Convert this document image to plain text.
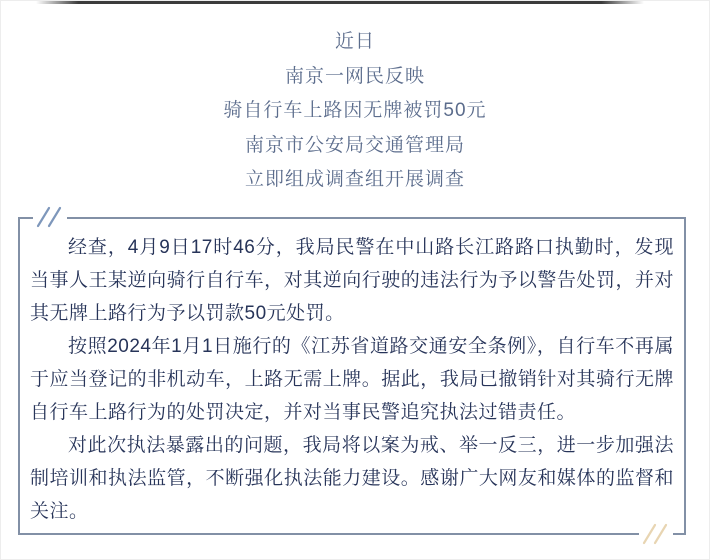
近日
南京一网民反映
骑自行车上路因无牌被罚50元
南京市公安局交通管理局
立即组成调查组开展调查

经查，4月9日17时46分，我局民警在中山路长江路路口执勤时，发现当事人王某逆向骑行自行车，对其逆向行驶的违法行为予以警告处罚，并对其无牌上路行为予以罚款50元处罚。

按照2024年1月1日施行的《江苏省道路交通安全条例》，自行车不再属于应当登记的非机动车，上路无需上牌。据此，我局已撤销针对其骑行无牌自行车上路行为的处罚决定，并对当事民警追究执法过错责任。

对此次执法暴露出的问题，我局将以案为戒、举一反三，进一步加强法制培训和执法监管，不断强化执法能力建设。感谢广大网友和媒体的监督和关注。
